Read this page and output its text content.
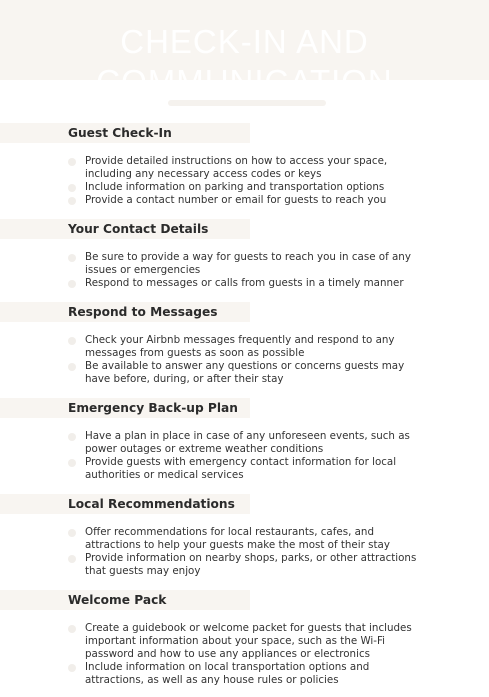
CHECK-IN AND COMMUNICATION
Guest Check-In
Provide detailed instructions on how to access your space, including any necessary access codes or keys
Include information on parking and transportation options
Provide a contact number or email for guests to reach you
Your Contact Details
Be sure to provide a way for guests to reach you in case of any issues or emergencies
Respond to messages or calls from guests in a timely manner
Respond to Messages
Check your Airbnb messages frequently and respond to any messages from guests as soon as possible
Be available to answer any questions or concerns guests may have before, during, or after their stay
Emergency Back-up Plan
Have a plan in place in case of any unforeseen events, such as power outages or extreme weather conditions
Provide guests with emergency contact information for local authorities or medical services
Local Recommendations
Offer recommendations for local restaurants, cafes, and attractions to help your guests make the most of their stay
Provide information on nearby shops, parks, or other attractions that guests may enjoy
Welcome Pack
Create a guidebook or welcome packet for guests that includes important information about your space, such as the Wi-Fi password and how to use any appliances or electronics
Include information on local transportation options and attractions, as well as any house rules or policies
